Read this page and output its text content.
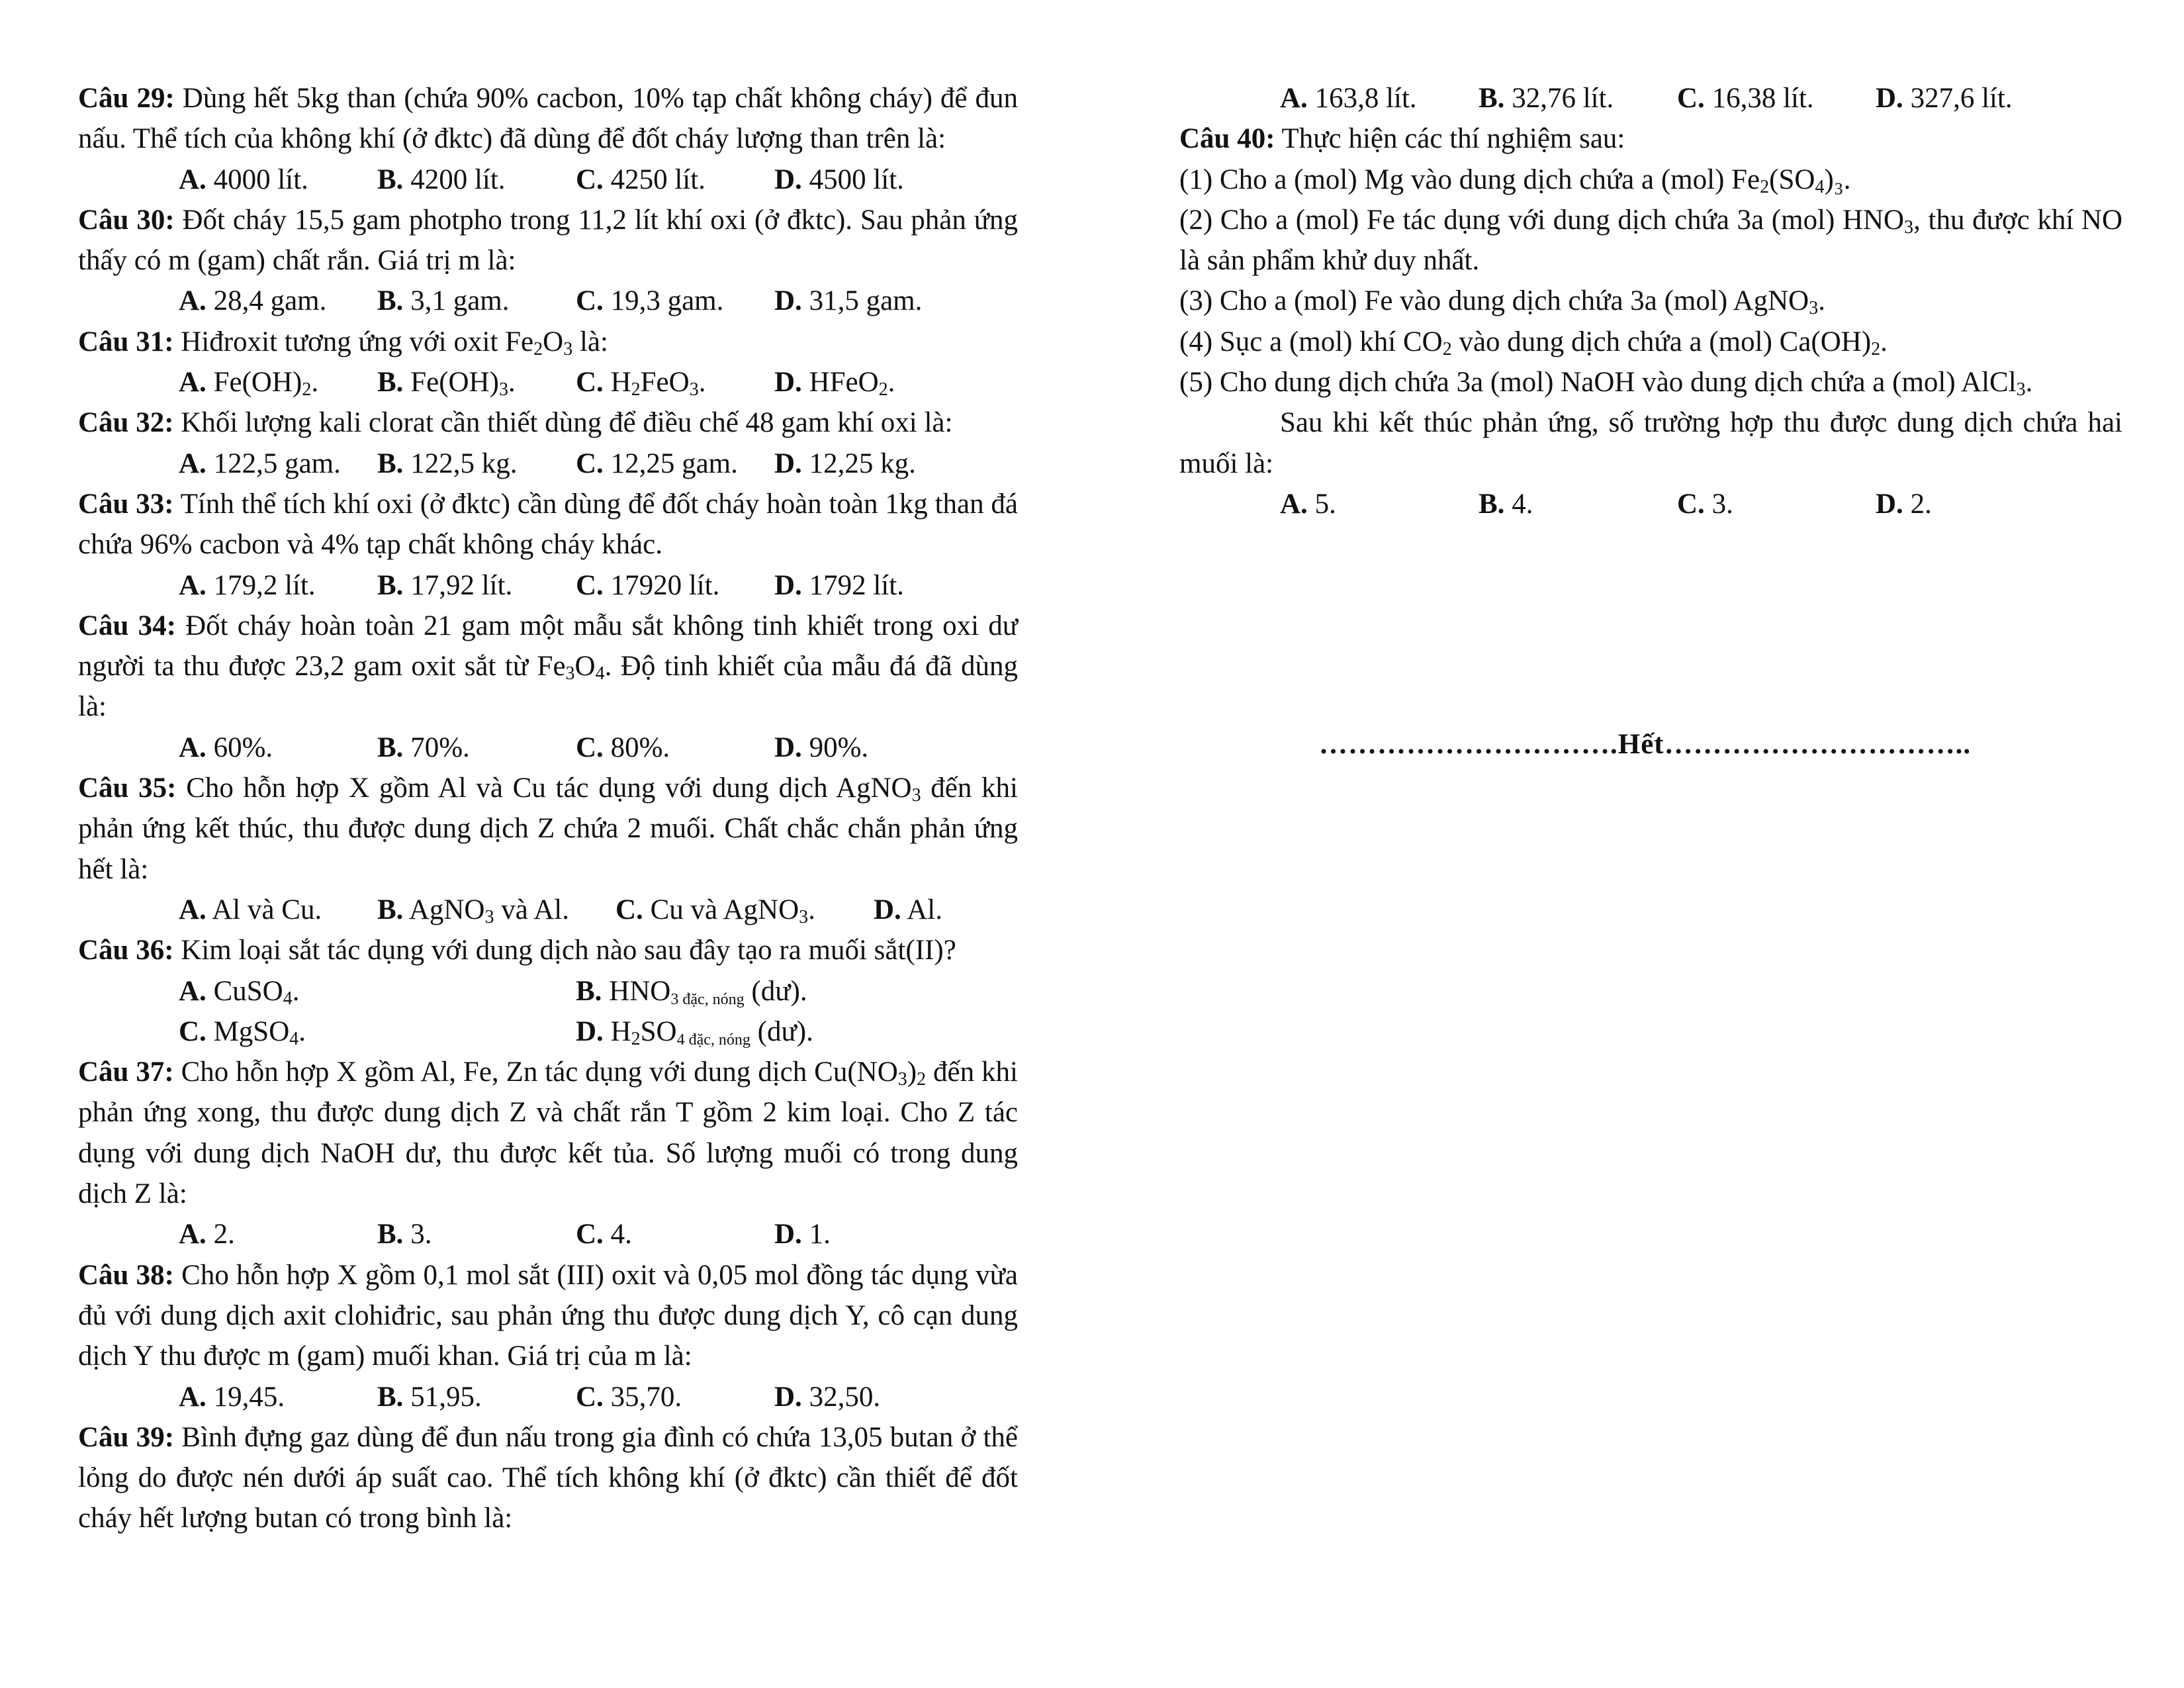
Câu 29: Dùng hết 5kg than (chứa 90% cacbon, 10% tạp chất không cháy) để đun nấu. Thể tích của không khí (ở đktc) đã dùng để đốt cháy lượng than trên là:

A. 4000 lít.	B. 4200 lít.	C. 4250 lít.	D. 4500 lít.

Câu 30: Đốt cháy 15,5 gam photpho trong 11,2 lít khí oxi (ở đktc). Sau phản ứng thấy có m (gam) chất rắn. Giá trị m là:

A. 28,4 gam.	B. 3,1 gam.	C. 19,3 gam.	D. 31,5 gam.

Câu 31: Hiđroxit tương ứng với oxit $Fe_2O_3$ là:

A. $Fe(OH)_2$.	B. $Fe(OH)_3$.	C. $H_2FeO_3$.	D. HFeO$_2$.

Câu 32: Khối lượng kali clorat cần thiết dùng để điều chế 48 gam khí oxi là:

A. 122,5 gam.	B. 122,5 kg.	C. 12,25 gam.	D. 12,25 kg.

Câu 33: Tính thể tích khí oxi (ở đktc) cần dùng để đốt cháy hoàn toàn 1kg than đá chứa 96% cacbon và 4% tạp chất không cháy khác.

A. 179,2 lít.	B. 17,92 lít.	C. 17920 lít.	D. 1792 lít.

Câu 34: Đốt cháy hoàn toàn 21 gam một mẫu sắt không tinh khiết trong oxi dư người ta thu được 23,2 gam oxit sắt từ $Fe_3O_4$. Độ tinh khiết của mẫu đá đã dùng là:

A. 60%.	B. 70%.	C. 80%.	D. 90%.

Câu 35: Cho hỗn hợp X gồm Al và Cu tác dụng với dung dịch AgNO$_3$ đến khi phản ứng kết thúc, thu được dung dịch Z chứa 2 muối. Chất chắc chắn phản ứng hết là:

A. Al và Cu.	B. AgNO$_3$ và Al.	C. Cu và AgNO$_3$.	D. Al.

Câu 36: Kim loại sắt tác dụng với dung dịch nào sau đây tạo ra muối sắt(II)?

A. CuSO$_4$.	B. $HNO_{3 đặc, nóng}$ (dư).
C. MgSO$_4$.	D. $H_2SO_{4 đặc, nóng}$ (dư).

Câu 37: Cho hỗn hợp X gồm Al, Fe, Zn tác dụng với dung dịch $Cu(NO_3)_2$ đến khi phản ứng xong, thu được dung dịch Z và chất rắn T gồm 2 kim loại. Cho Z tác dụng với dung dịch NaOH dư, thu được kết tủa. Số lượng muối có trong dung dịch Z là:

A. 2.	B. 3.	C. 4.	D. 1.

Câu 38: Cho hỗn hợp X gồm 0,1 mol sắt (III) oxit và 0,05 mol đồng tác dụng vừa đủ với dung dịch axit clohiđric, sau phản ứng thu được dung dịch Y, cô cạn dung dịch Y thu được m (gam) muối khan. Giá trị của m là:

A. 19,45.	B. 51,95.	C. 35,70.	D. 32,50.

Câu 39: Bình đựng gaz dùng để đun nấu trong gia đình có chứa 13,05 butan ở thể lỏng do được nén dưới áp suất cao. Thể tích không khí (ở đktc) cần thiết để đốt cháy hết lượng butan có trong bình là:

A. 163,8 lít.	B. 32,76 lít.	C. 16,38 lít.	D. 327,6 lít.

Câu 40: Thực hiện các thí nghiệm sau:

(1) Cho a (mol) Mg vào dung dịch chứa a (mol) $Fe_2(SO_4)_3$.

(2) Cho a (mol) Fe tác dụng với dung dịch chứa 3a (mol) $HNO_3$, thu được khí NO là sản phẩm khử duy nhất.

(3) Cho a (mol) Fe vào dung dịch chứa 3a (mol) AgNO$_3$.

(4) Sục a (mol) khí $CO_2$ vào dung dịch chứa a (mol) $Ca(OH)_2$.

(5) Cho dung dịch chứa 3a (mol) NaOH vào dung dịch chứa a (mol) AlCl$_3$.

Sau khi kết thúc phản ứng, số trường hợp thu được dung dịch chứa hai muối là:

A. 5.	B. 4.	C. 3.	D. 2.
………………………….Hết…………………………..
